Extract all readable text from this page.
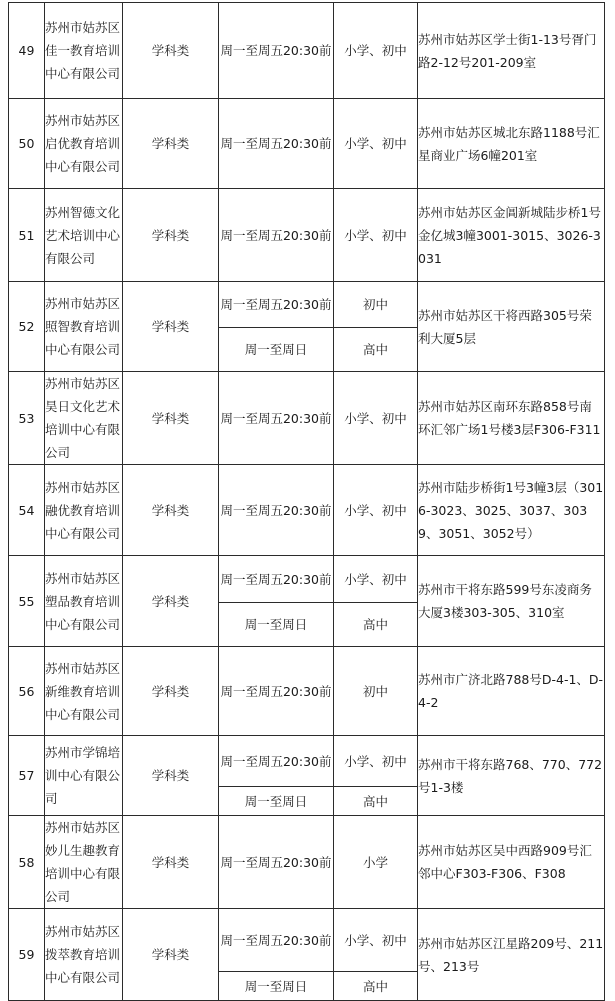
49	苏州市姑苏区佳一教育培训中心有限公司	学科类	周一至周五20:30前	小学、初中	苏州市姑苏区学士街1-13号胥门路2-12号201-209室
50	苏州市姑苏区启优教育培训中心有限公司	学科类	周一至周五20:30前	小学、初中	苏州市姑苏区城北东路1188号汇星商业广场6幢201室
51	苏州智德文化艺术培训中心有限公司	学科类	周一至周五20:30前	小学、初中	苏州市姑苏区金阊新城陆步桥1号金亿城3幢3001-3015、3026-3031
52	苏州市姑苏区照智教育培训中心有限公司	学科类	周一至周五20:30前	初中	苏州市姑苏区干将西路305号荣利大厦5层
			周一至周日	高中	
53	苏州市姑苏区昊日文化艺术培训中心有限公司	学科类	周一至周五20:30前	小学、初中	苏州市姑苏区南环东路858号南环汇邻广场1号楼3层F306-F311
54	苏州市姑苏区融优教育培训中心有限公司	学科类	周一至周五20:30前	小学、初中	苏州市陆步桥街1号3幢3层（3016-3023、3025、3037、3039、3051、3052号）
55	苏州市姑苏区塑品教育培训中心有限公司	学科类	周一至周五20:30前	小学、初中	苏州市干将东路599号东凌商务大厦3楼303-305、310室
			周一至周日	高中	
56	苏州市姑苏区新维教育培训中心有限公司	学科类	周一至周五20:30前	初中	苏州市广济北路788号D-4-1、D-4-2
57	苏州市学锦培训中心有限公司	学科类	周一至周五20:30前	小学、初中	苏州市干将东路768、770、772号1-3楼
			周一至周日	高中	
58	苏州市姑苏区妙儿生趣教育培训中心有限公司	学科类	周一至周五20:30前	小学	苏州市姑苏区吴中西路909号汇邻中心F303-F306、F308
59	苏州市姑苏区拨萃教育培训中心有限公司	学科类	周一至周五20:30前	小学、初中	苏州市姑苏区江星路209号、211号、213号
			周一至周日	高中	
